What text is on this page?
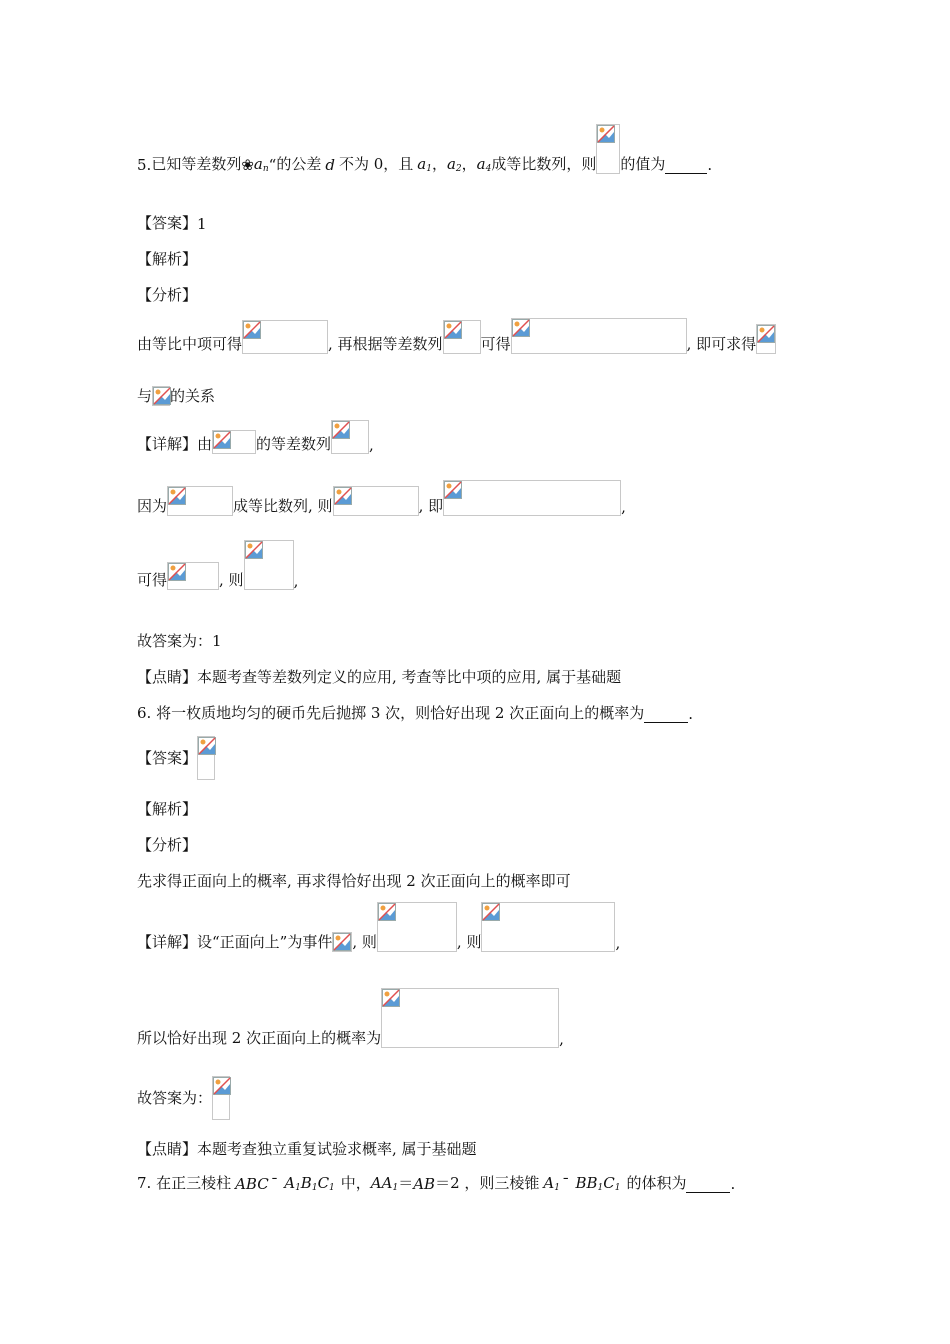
5. 已知等差数列 ❀ $a_n$ “ 的公差 d 不为 0，且 $a_1$ ， $a_2$ ， $a_4$ 成等比数列，则 的值为	.
【答案】 1
【解析】
【分析】
由等比中项可得	, 再根据等差数列	可得	, 即可求得
与 的关系
【详解】 由	的等差数列	,
因为	成等比数列, 则	, 即	,
可得	, 则	,
故答案为：1
【点睛】 本题考查等差数列定义的应用, 考查等比中项的应用, 属于基础题
6. 将一枚质地均匀的硬币先后抛掷 3 次，则恰好出现 2 次正面向上的概率为	.
【答案】
【解析】
【分析】
先求得正面向上的概率, 再求得恰好出现 2 次正面向上的概率即可
【详解】 设“正面向上”为事件 , 则	, 则	,
所以恰好出现 2 次正面向上的概率为	,
故答案为：
【点睛】 本题考查独立重复试验求概率, 属于基础题
7. 在正三棱柱 ABC ¯ $A_1B_1C_1$ 中， $AA_1$ ＝ AB ＝2 ，则三棱锥 $A_1$ ¯ $BB_1C_1$ 的体积为	.
